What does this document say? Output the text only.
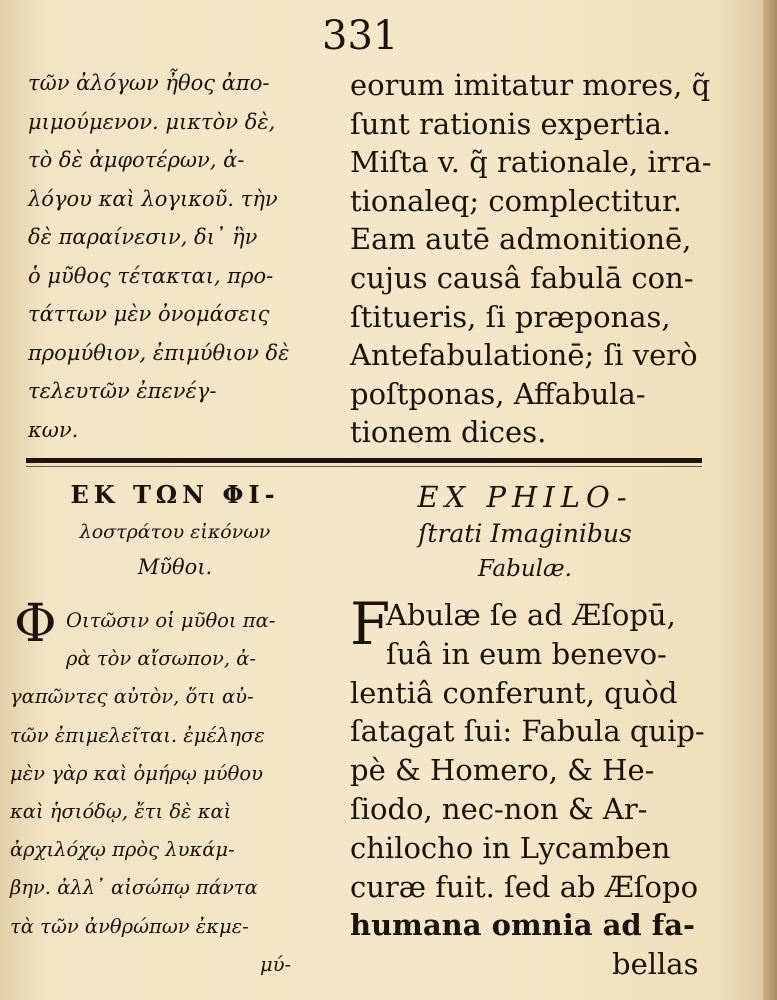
331
τῶν ἀλόγων ἦθος ἀπο-
μιμούμενον. μικτὸν δὲ,
τὸ δὲ ἀμφοτέρων, ἀ-
λόγου καὶ λογικοῦ. τὴν
δὲ παραίνεσιν, δι᾽ ἣν
ὁ μῦθος τέτακται, προ-
τάττων μὲν ὀνομάσεις
προμύθιον, ἐπιμύθιον δὲ
τελευτῶν ἐπενέγ-
κων.
eorum imitatur mores, q̃
ſunt rationis expertia.
Miſta v. q̃ rationale, irra-
tionaleq; complectitur.
Eam autē admonitionē,
cujus causâ fabulā con-
ſtitueris, ſi præponas,
Antefabulationē; ſi verò
poſtponas, Affabula-
tionem dices.
ΕΚ ΤΩΝ ΦΙ-
λοστράτου εἰκόνων
Μῦθοι.
EX PHILO-
ſtrati Imaginibus
Fabulæ.
Φ Οιτῶσιν οἱ μῦθοι πα-
ρὰ τὸν αἴσωπον, ἀ-
γαπῶντες αὐτὸν, ὅτι αὐ-
τῶν ἐπιμελεῖται. ἐμέλησε
μὲν γὰρ καὶ ὁμήρῳ μύθου
καὶ ἡσιόδῳ, ἔτι δὲ καὶ
ἀρχιλόχῳ πρὸς λυκάμ-
βην. ἀλλ᾽ αἰσώπῳ πάντα
τὰ τῶν ἀνθρώπων ἐκμε-
μύ-
F
Abulæ ſe ad Æſopū,
ſuâ in eum benevo-
lentiâ conferunt, quòd
ſatagat ſui: Fabula quip-
pè & Homero, & He-
ſiodo, nec-non & Ar-
chilocho in Lycamben
curæ fuit. ſed ab Æſopo
humana omnia ad fa-
bellas
